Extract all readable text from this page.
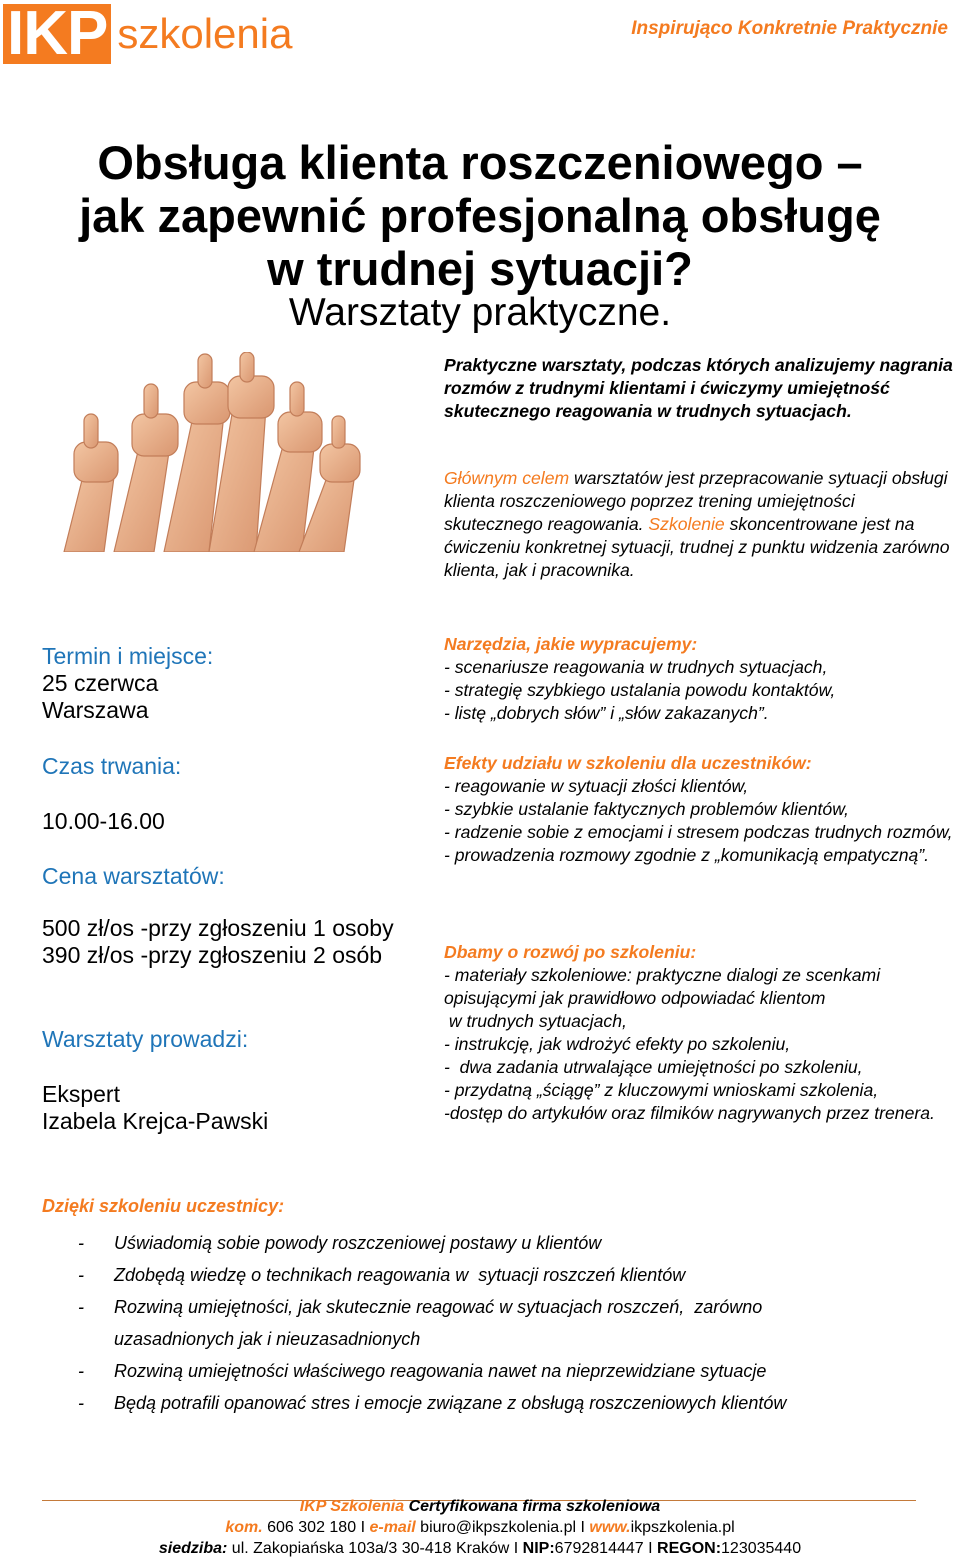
IKP szkolenia	Inspirująco Konkretnie Praktycznie
Obsługa klienta roszczeniowego –
jak zapewnić profesjonalną obsługę
w trudnej sytuacji?
Warsztaty praktyczne.
Termin i miejsce:
25 czerwca
Warszawa
Czas trwania:
10.00-16.00
Cena warsztatów:
500 zł/os -przy zgłoszeniu 1 osoby
390 zł/os -przy zgłoszeniu 2 osób
Warsztaty prowadzi:
Ekspert
Izabela Krejca-Pawski
Praktyczne warsztaty, podczas których analizujemy nagrania rozmów z trudnymi klientami i ćwiczymy umiejętność skutecznego reagowania w trudnych sytuacjach.
Głównym celem warsztatów jest przepracowanie sytuacji obsługi klienta roszczeniowego poprzez trening umiejętności skutecznego reagowania. Szkolenie skoncentrowane jest na ćwiczeniu konkretnej sytuacji, trudnej z punktu widzenia zarówno klienta, jak i pracownika.

Narzędzia, jakie wypracujemy:

- scenariusze reagowania w trudnych sytuacjach,

- strategię szybkiego ustalania powodu kontaktów,

- listę „dobrych słów” i „słów zakazanych”.

Efekty udziału w szkoleniu dla uczestników:

- reagowanie w sytuacji złości klientów,

- szybkie ustalanie faktycznych problemów klientów,

- radzenie sobie z emocjami i stresem podczas trudnych rozmów,

- prowadzenia rozmowy zgodnie z „komunikacją empatyczną”.

Dbamy o rozwój po szkoleniu:

- materiały szkoleniowe: praktyczne dialogi ze scenkami opisującymi jak prawidłowo odpowiadać klientom

w trudnych sytuacjach,

- instrukcję, jak wdrożyć efekty po szkoleniu,

-  dwa zadania utrwalające umiejętności po szkoleniu,

- przydatną „ściągę” z kluczowymi wnioskami szkolenia,

-dostęp do artykułów oraz filmików nagrywanych przez trenera.

Dzięki szkoleniu uczestnicy:
- Uświadomią sobie powody roszczeniowej postawy u klientów
- Zdobędą wiedzę o technikach reagowania w  sytuacji roszczeń klientów
- Rozwiną umiejętności, jak skutecznie reagować w sytuacjach roszczeń,  zarówno uzasadnionych jak i nieuzasadnionych
- Rozwiną umiejętności właściwego reagowania nawet na nieprzewidziane sytuacje
- Będą potrafili opanować stres i emocje związane z obsługą roszczeniowych klientów
IKP Szkolenia Certyfikowana firma szkoleniowa
kom. 606 302 180 I e-mail biuro@ikpszkolenia.pl I www.ikpszkolenia.pl
siedziba: ul. Zakopiańska 103a/3 30-418 Kraków I NIP:6792814447 I REGON:123035440
